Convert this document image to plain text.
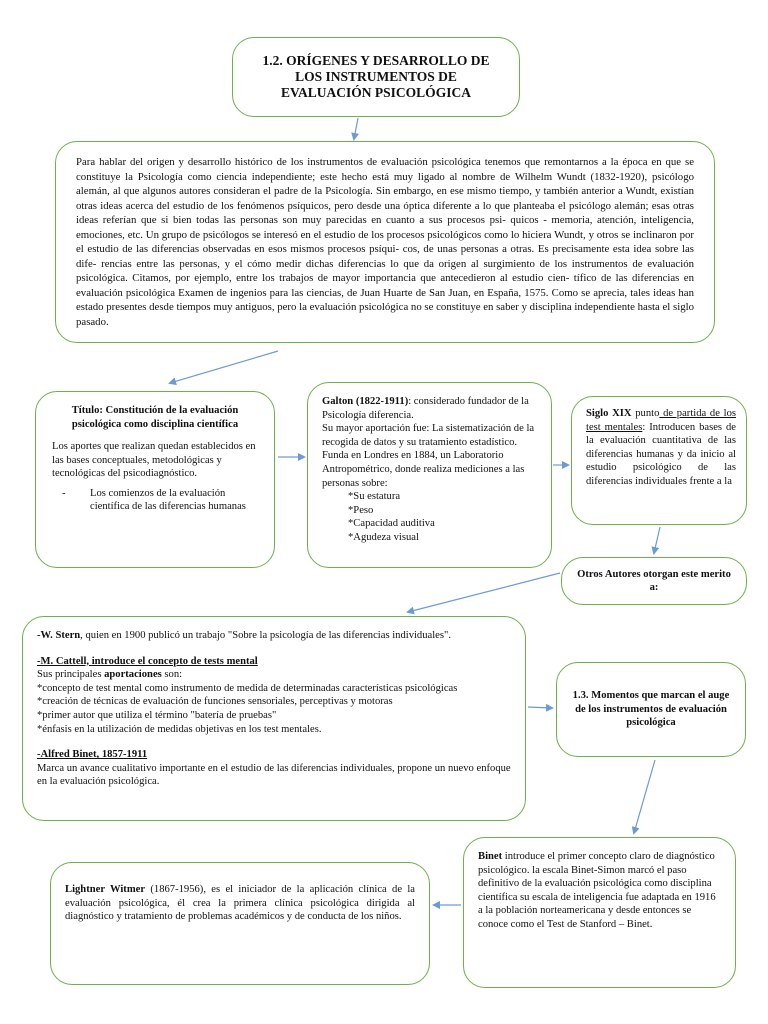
1.2. ORÍGENES Y DESARROLLO DE LOS INSTRUMENTOS DE EVALUACIÓN PSICOLÓGICA

Para hablar del origen y desarrollo histórico de los instrumentos de evaluación psicológica tenemos que remontarnos a la época en que se constituye la Psicología como ciencia independiente; este hecho está muy ligado al nombre de Wilhelm Wundt (1832-1920), psicólogo alemán, al que algunos autores consideran el padre de la Psicología. Sin embargo, en ese mismo tiempo, y también anterior a Wundt, existían otras ideas acerca del estudio de los fenómenos psíquicos, pero desde una óptica diferente a lo que planteaba el psicólogo alemán; esas otras ideas referían que si bien todas las personas son muy parecidas en cuanto a sus procesos psi- quicos - memoria, atención, inteligencia, emociones, etc. Un grupo de psicólogos se interesó en el estudio de los procesos psicológicos como lo hiciera Wundt, y otros se inclinaron por el estudio de las diferencias observadas en esos mismos procesos psíqui- cos, de unas personas a otras. Es precisamente esta idea sobre las dife- rencias entre las personas, y el cómo medir dichas diferencias lo que da origen al surgimiento de los instrumentos de evaluación psicológica. Citamos, por ejemplo, entre los trabajos de mayor importancia que antecedieron al estudio cien- tífico de las diferencias en evaluación psicológica Examen de ingenios para las ciencias, de Juan Huarte de San Juan, en España, 1575. Como se aprecia, tales ideas han estado presentes desde tiempos muy antiguos, pero la evaluación psicológica no se constituye en saber y disciplina independiente hasta el siglo pasado.

Título: Constitución de la evaluación psicológica como disciplina científica

Los aportes que realizan quedan establecidos en las bases conceptuales, metodológicas y tecnológicas del psicodiagnóstico.

-	Los comienzos de la evaluación científica de las diferencias humanas

Galton (1822-1911): considerado fundador de la Psicología diferencia.

Su mayor aportación fue: La sistematización de la recogida de datos y su tratamiento estadístico. Funda en Londres en 1884, un Laboratorio Antropométrico, donde realiza mediciones a las personas sobre:

*Su estatura
*Peso
*Capacidad auditiva
*Agudeza visual

Siglo XIX punto de partida de los test mentales: Introducen bases de la evaluación cuantitativa de las diferencias humanas y da inicio al estudio psicológico de las diferencias individuales frente a la

Otros Autores otorgan este merito a:

-W. Stern, quien en 1900 publicó un trabajo "Sobre la psicología de las diferencias individuales".

-M. Cattell, introduce el concepto de tests mental

Sus principales aportaciones son:

*concepto de test mental como instrumento de medida de determinadas características psicológicas

*creación de técnicas de evaluación de funciones sensoriales, perceptivas y motoras

*primer autor que utiliza el término "batería de pruebas"

*énfasis en la utilización de medidas objetivas en los test mentales.

-Alfred Binet, 1857-1911

Marca un avance cualitativo importante en el estudio de las diferencias individuales, propone un nuevo enfoque en la evaluación psicológica.

1.3. Momentos que marcan el auge de los instrumentos de evaluación psicológica

Binet introduce el primer concepto claro de diagnóstico psicológico. la escala Binet-Simon marcó el paso definitivo de la evaluación psicológica como disciplina científica su escala de inteligencia fue adaptada en 1916 a la población norteamericana y desde entonces se conoce como el Test de Stanford – Binet.

Lightner Witmer (1867-1956), es el iniciador de la aplicación clínica de la evaluación psicológica, él crea la primera clínica psicológica dirigida al diagnóstico y tratamiento de problemas académicos y de conducta de los niños.
